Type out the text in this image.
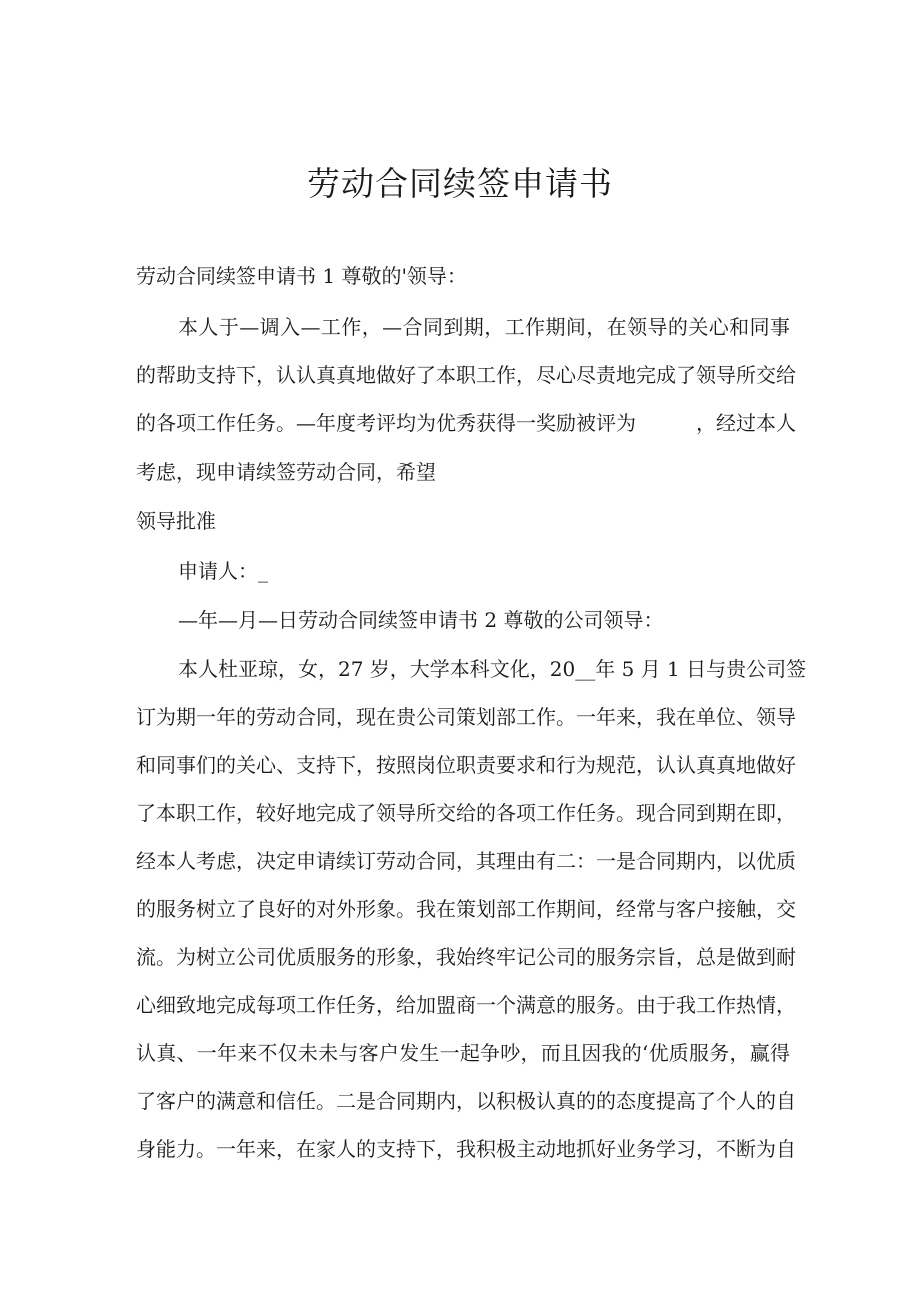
劳动合同续签申请书
劳动合同续签申请书 1 尊敬的'领导：
本人于—调入—工作，—合同到期，工作期间，在领导的关心和同事
的帮助支持下，认认真真地做好了本职工作，尽心尽责地完成了领导所交给
的各项工作任务。—年度考评均为优秀获得一奖励被评为　　　，经过本人
考虑，现申请续签劳动合同，希望
领导批准
申请人：_
—年—月—日劳动合同续签申请书 2 尊敬的公司领导：
本人杜亚琼，女，27 岁，大学本科文化，20__年 5 月 1 日与贵公司签
订为期一年的劳动合同，现在贵公司策划部工作。一年来，我在单位、领导
和同事们的关心、支持下，按照岗位职责要求和行为规范，认认真真地做好
了本职工作，较好地完成了领导所交给的各项工作任务。现合同到期在即，
经本人考虑，决定申请续订劳动合同，其理由有二：一是合同期内，以优质
的服务树立了良好的对外形象。我在策划部工作期间，经常与客户接触，交
流。为树立公司优质服务的形象，我始终牢记公司的服务宗旨，总是做到耐
心细致地完成每项工作任务，给加盟商一个满意的服务。由于我工作热情，
认真、一年来不仅未未与客户发生一起争吵，而且因我的‘优质服务，赢得
了客户的满意和信任。二是合同期内，以积极认真的的态度提高了个人的自
身能力。一年来，在家人的支持下，我积极主动地抓好业务学习，不断为自
